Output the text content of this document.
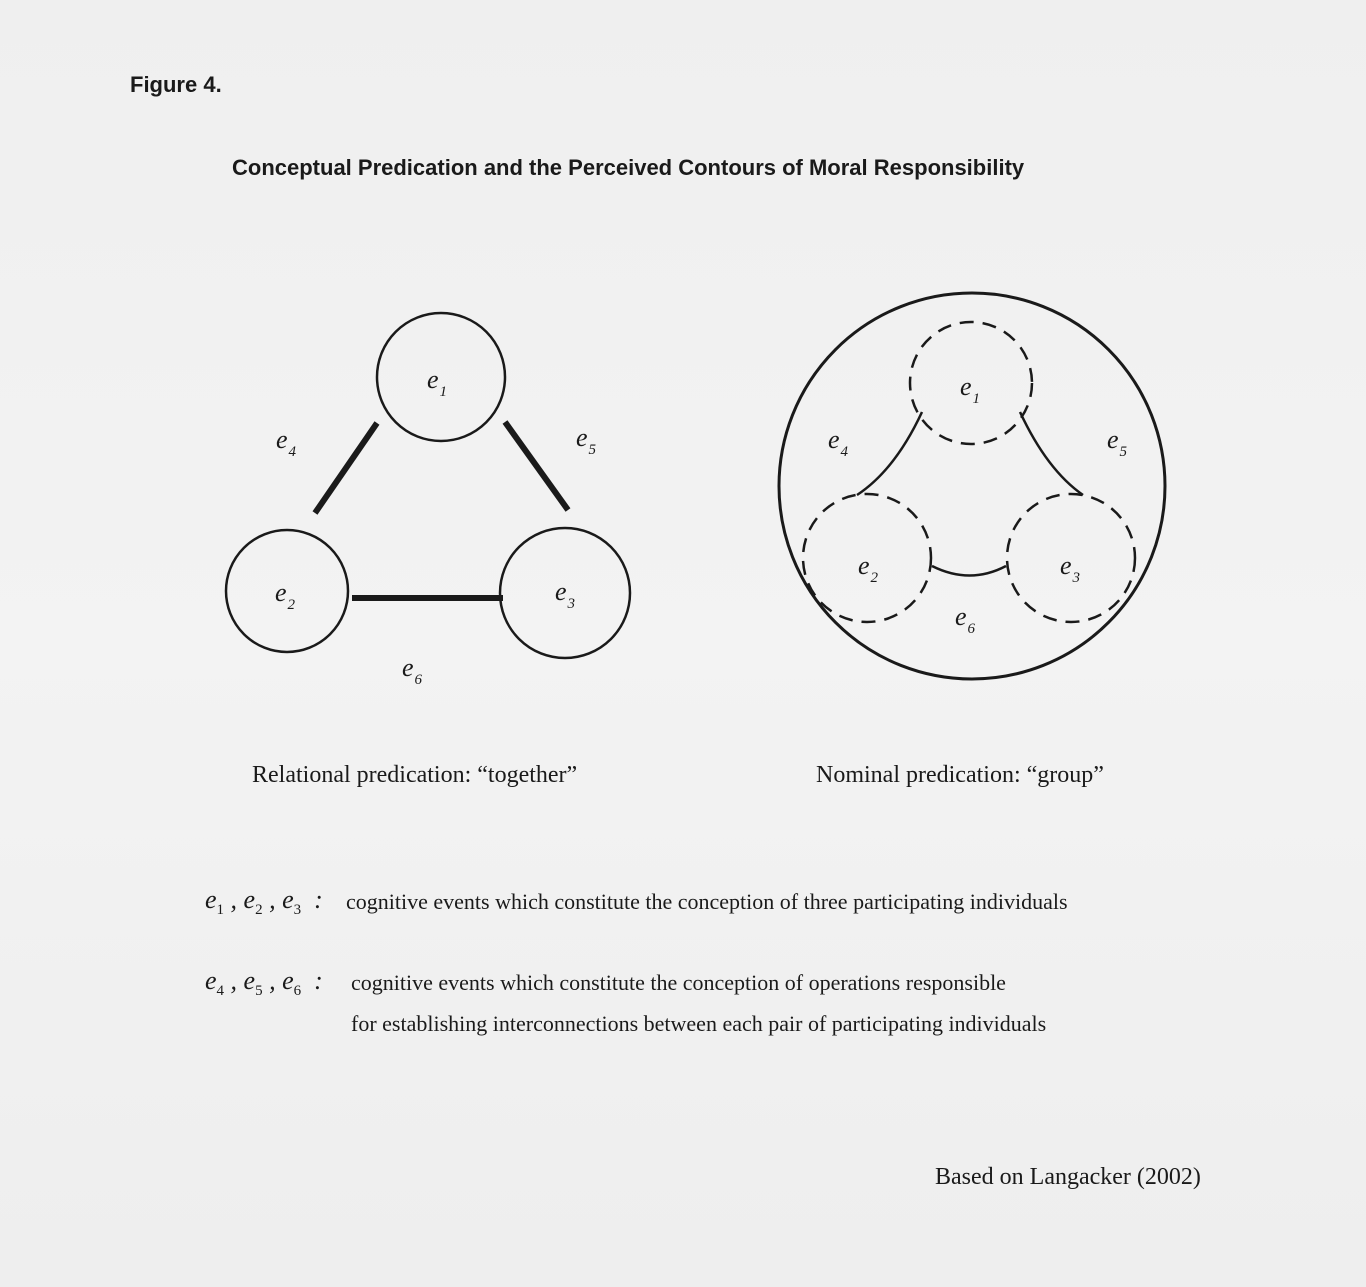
Figure 4.
Conceptual Predication and the Perceived Contours of Moral Responsibility
$e_1$
$e_2$	$e_3$
$e_4$	$e_5$
$e_6$
$e_1$
$e_2$	$e_3$
$e_4$	$e_5$
$e_6$
Relational predication: “together”	Nominal predication: “group”
$e_1$ , $e_2$ , $e_3$  : cognitive events which constitute the conception of three participating individuals
$e_4$ , $e_5$ , $e_6$  : cognitive events which constitute the conception of operations responsible
for establishing interconnections between each pair of participating individuals
Based on Langacker (2002)
